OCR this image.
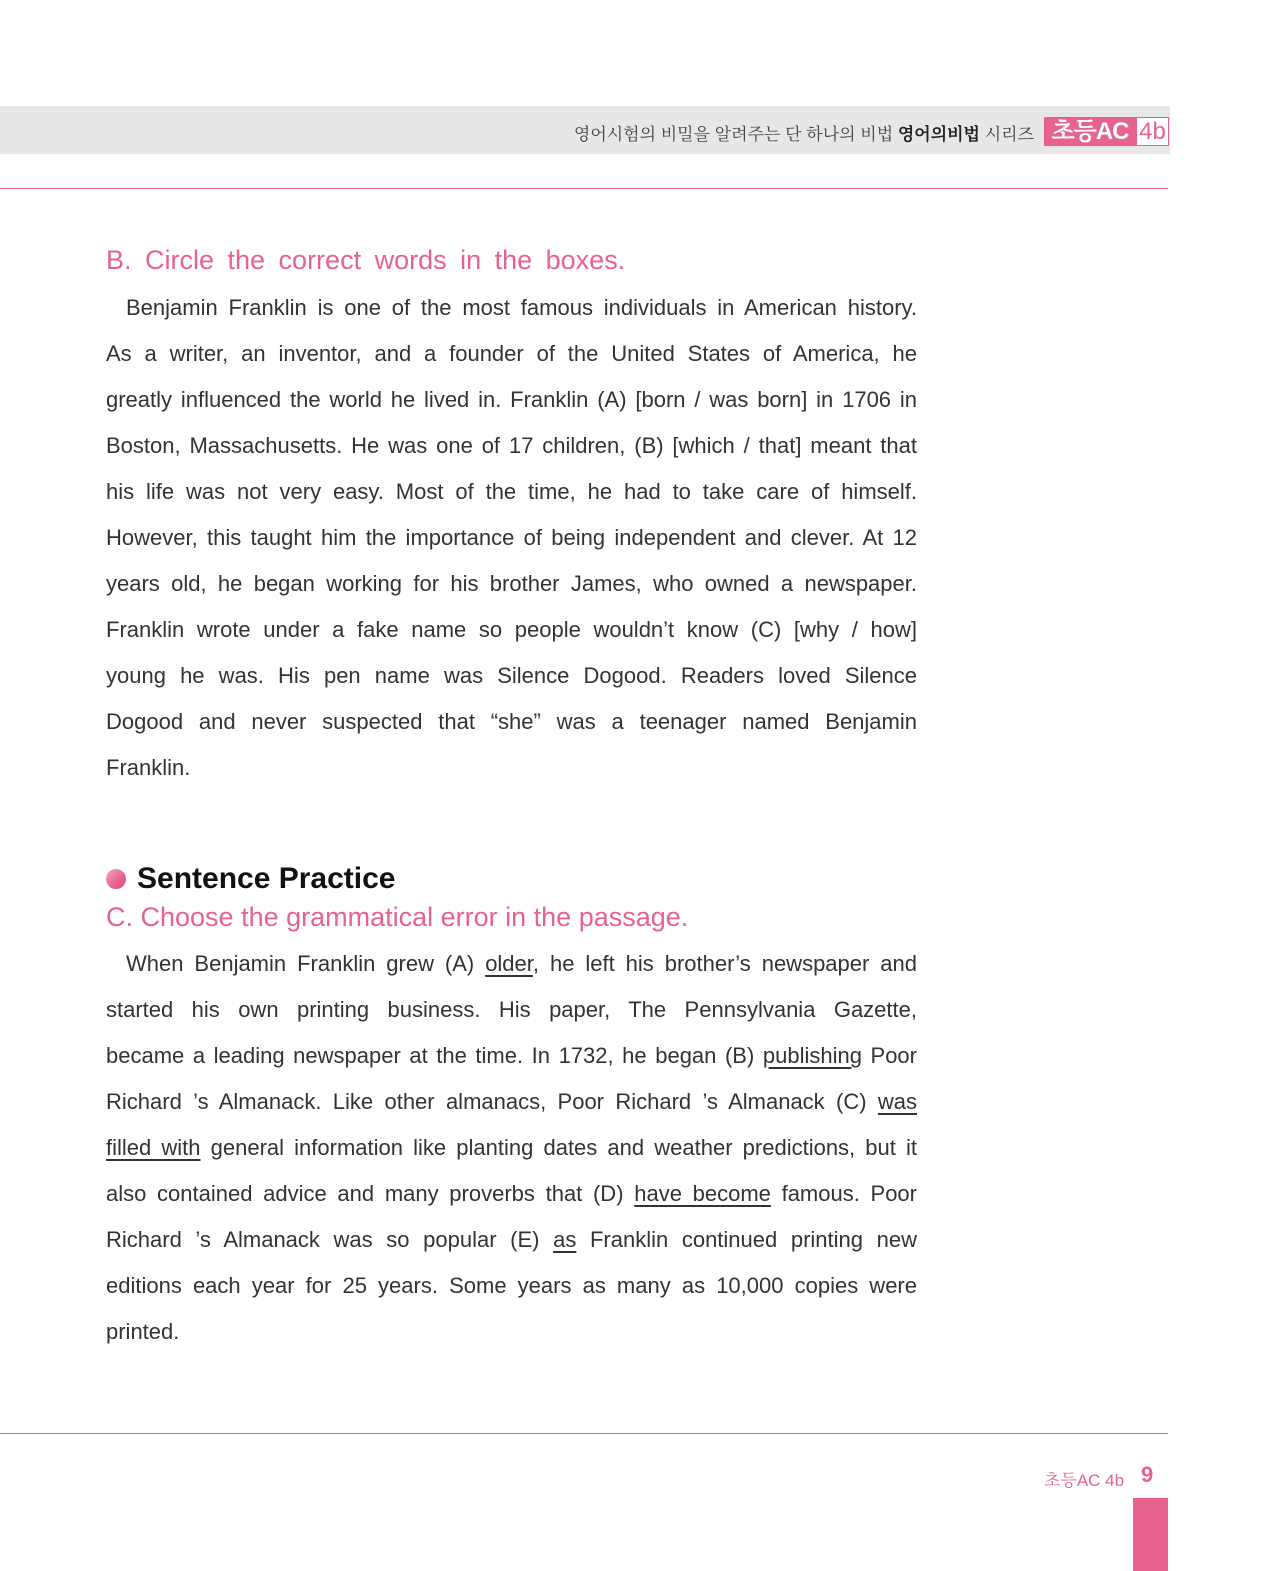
영어시험의 비밀을 알려주는 단 하나의 비법 영어의비법 시리즈 초등AC 4b
B. Circle the correct words in the boxes.
Benjamin Franklin is one of the most famous individuals in American history.
As a writer, an inventor, and a founder of the United States of America, he
greatly influenced the world he lived in. Franklin (A) [born / was born] in 1706 in
Boston, Massachusetts. He was one of 17 children, (B) [which / that] meant that
his life was not very easy. Most of the time, he had to take care of himself.
However, this taught him the importance of being independent and clever. At 12
years old, he began working for his brother James, who owned a newspaper.
Franklin wrote under a fake name so people wouldn’t know (C) [why / how]
young he was. His pen name was Silence Dogood. Readers loved Silence
Dogood and never suspected that “she” was a teenager named Benjamin
Franklin.
Sentence Practice
C. Choose the grammatical error in the passage.
When Benjamin Franklin grew (A) older, he left his brother’s newspaper and
started his own printing business. His paper, The Pennsylvania Gazette,
became a leading newspaper at the time. In 1732, he began (B) publishing Poor
Richard ’s Almanack. Like other almanacs, Poor Richard ’s Almanack (C) was
filled with general information like planting dates and weather predictions, but it
also contained advice and many proverbs that (D) have become famous. Poor
Richard ’s Almanack was so popular (E) as Franklin continued printing new
editions each year for 25 years. Some years as many as 10,000 copies were
printed.
초등AC 4b 9
